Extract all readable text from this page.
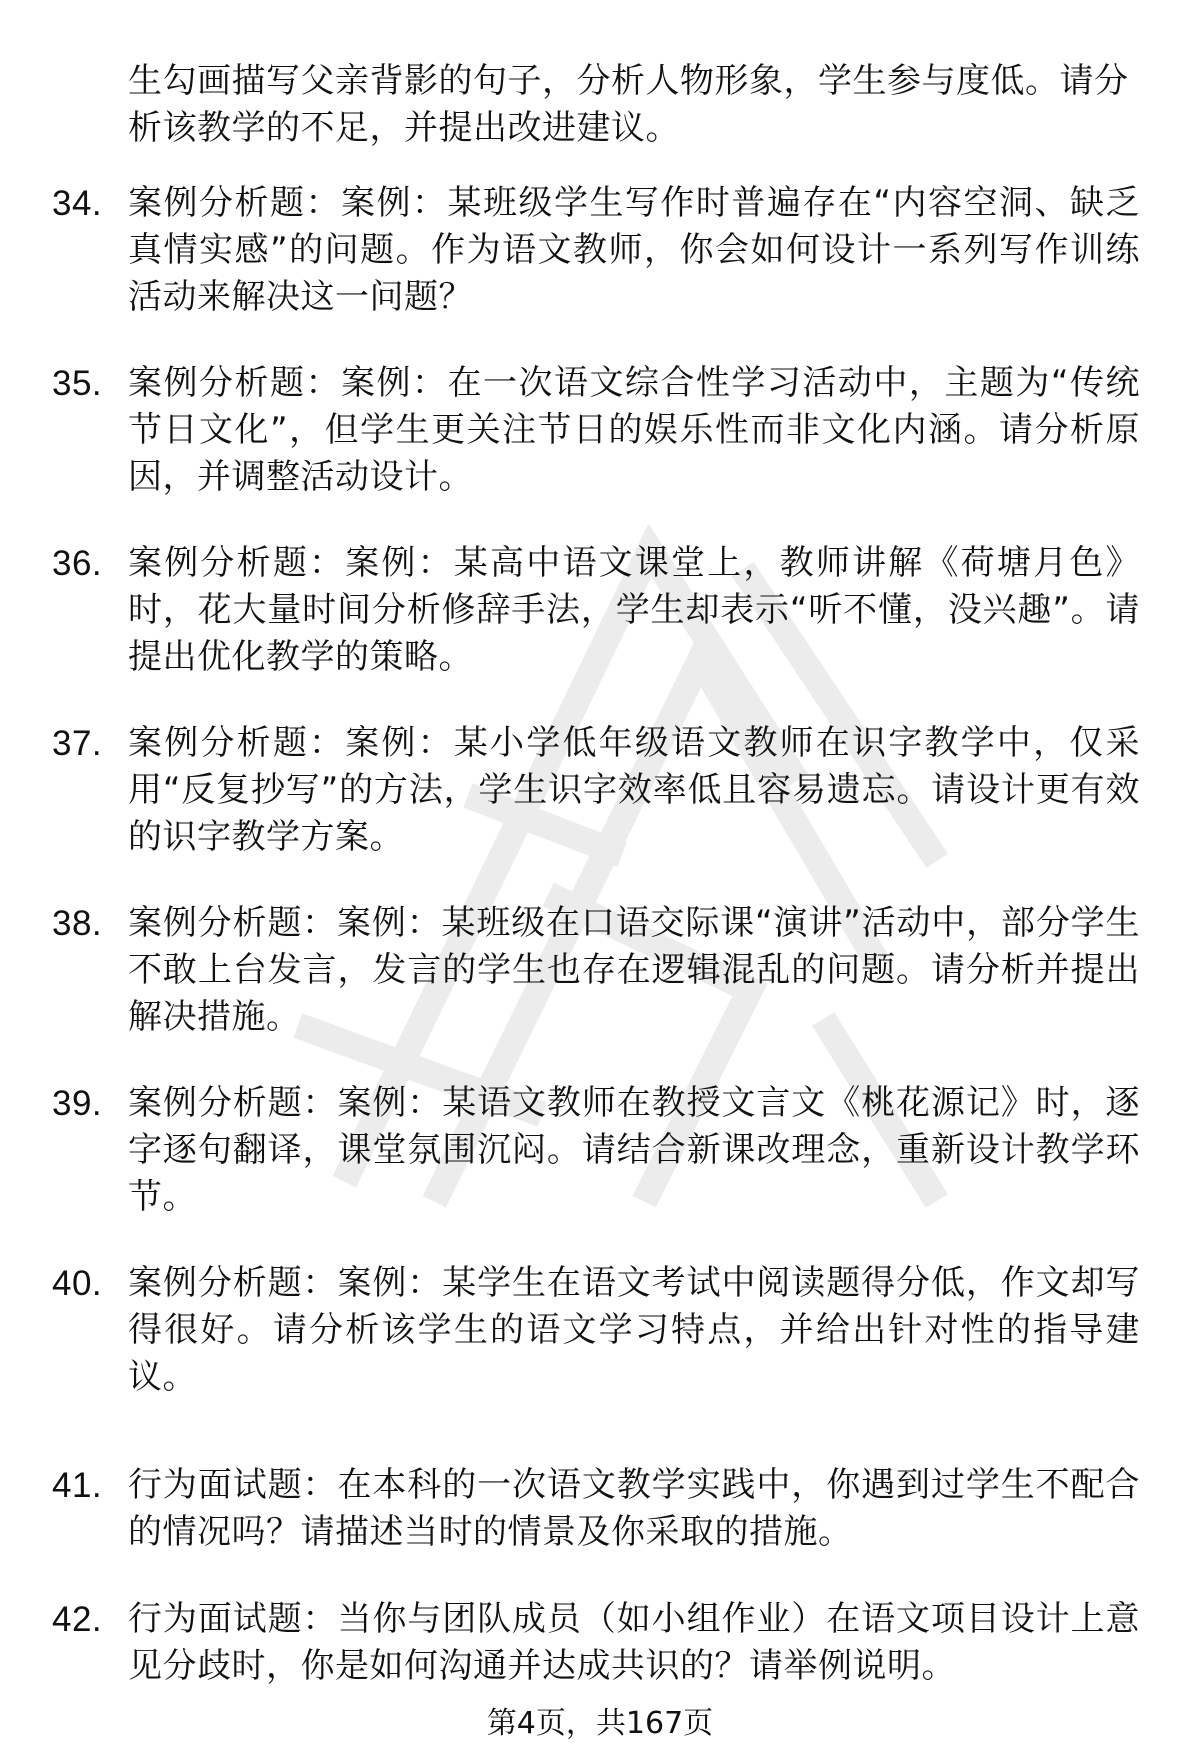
生勾画描写父亲背影的句子，分析人物形象，学生参与度低。请分析该教学的不足，并提出改进建议。
34. 案例分析题：案例：某班级学生写作时普遍存在“内容空洞、缺乏真情实感”的问题。作为语文教师，你会如何设计一系列写作训练活动来解决这一问题？
35. 案例分析题：案例：在一次语文综合性学习活动中，主题为“传统节日文化”，但学生更关注节日的娱乐性而非文化内涵。请分析原因，并调整活动设计。
36. 案例分析题：案例：某高中语文课堂上，教师讲解《荷塘月色》时，花大量时间分析修辞手法，学生却表示“听不懂，没兴趣”。请提出优化教学的策略。
37. 案例分析题：案例：某小学低年级语文教师在识字教学中，仅采用“反复抄写”的方法，学生识字效率低且容易遗忘。请设计更有效的识字教学方案。
38. 案例分析题：案例：某班级在口语交际课“演讲”活动中，部分学生不敢上台发言，发言的学生也存在逻辑混乱的问题。请分析并提出解决措施。
39. 案例分析题：案例：某语文教师在教授文言文《桃花源记》时，逐字逐句翻译，课堂氛围沉闷。请结合新课改理念，重新设计教学环节。
40. 案例分析题：案例：某学生在语文考试中阅读题得分低，作文却写得很好。请分析该学生的语文学习特点，并给出针对性的指导建议。
41. 行为面试题：在本科的一次语文教学实践中，你遇到过学生不配合的情况吗？请描述当时的情景及你采取的措施。
42. 行为面试题：当你与团队成员（如小组作业）在语文项目设计上意见分歧时，你是如何沟通并达成共识的？请举例说明。
第4页，共167页
